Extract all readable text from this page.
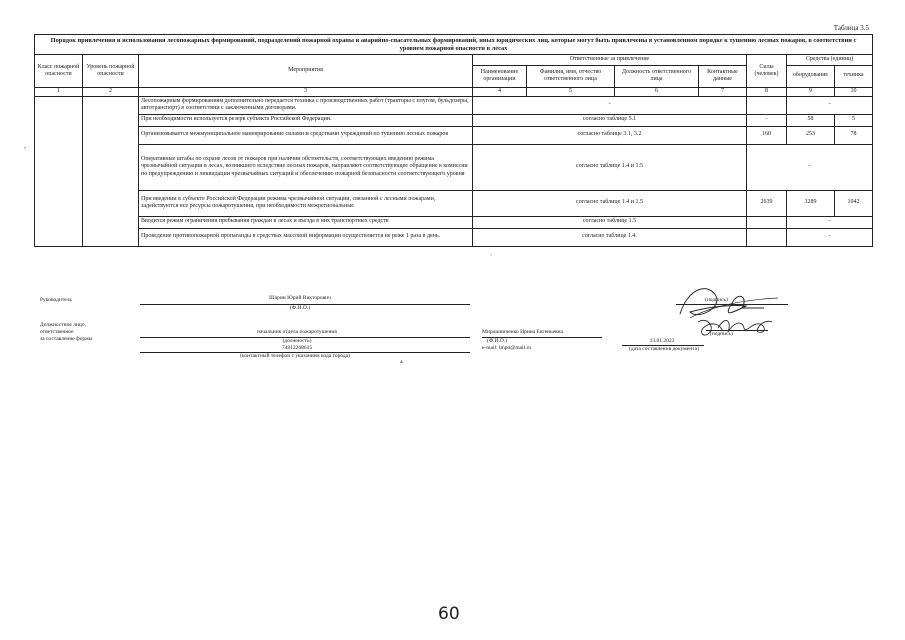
Таблица 3.5
Порядок привлечения и использования лесопожарных формирований, подразделений пожарной охраны и аварийно-спасательных формирований, иных юридических лиц, которые могут быть привлечены в установленном порядке к тушению лесных пожаров, в соответствии с уровнем пожарной опасности в лесах									
Класс пожарной опасности	Уровень пожарной опасности	Мероприятия	Ответственные за привлечение				Силы (человек)	Средства (единиц)	
			Наименование организации	Фамилия, имя, отчество ответственного лица	Должность ответственного лица	Контактные данные		оборудование	техника
1	2	3	4	5	6	7	8	9	10
		Лесопожарным формированиям дополнительно передается техника с производственных работ (тракторы с плугом, бульдозеры, автотранспорт) в соответствии с заключенными договорами.	-					-	
		При необходимости используется резерв субъекта Российской Федерации.	согласно таблице 5.1				-	58	5
		Организовывается межмуниципальное маневрирование силами и средствами учреждений по тушению лесных пожаров	согласно таблице 3.1, 3.2				160	253	78
		Оперативные штабы по охране лесов от пожаров при наличии обстоятельств, соответствующих введению режима чрезвычайной ситуации в лесах, возникшего вследствие лесных пожаров, направляют соответствующее обращение в комиссии по предупреждению и ликвидации чрезвычайных ситуаций и обеспечению пожарной безопасности соответствующего уровня	согласно таблице 1.4 и 1.5				-		
		При введении в субъекте Российской Федерации режима чрезвычайной ситуации, связанной с лесными пожарами, задействуются все ресурсы пожаротушения, при необходимости межрегиональные	согласно таблице 1.4 и 1.5				2639	3289	1042
		Вводится режим ограничения пребывания граждан в лесах и въезда в них транспортных средств	согласно таблице 1.5					-	
		Проведение противопожарной пропаганды в средствах массовой информации осуществляется не реже 1 раза в день.	согласно таблице 1.4.					-	
Руководитель	Шарин Юрий Викторович
(Ф.И.О.)
(подпись)
Должностное лицо,
ответственное
за составление формы
начальник отдела пожаротушения
(должность)
74812268615
(контактный телефон с указанием кода города)
Мирошниченко Ирина Евгеньевна
(Ф.И.О.)
e-mail: lmpo@mail.ru
13.01.2023
(дата составления документа)
(подпись)
•
▴
ᐟ
60
